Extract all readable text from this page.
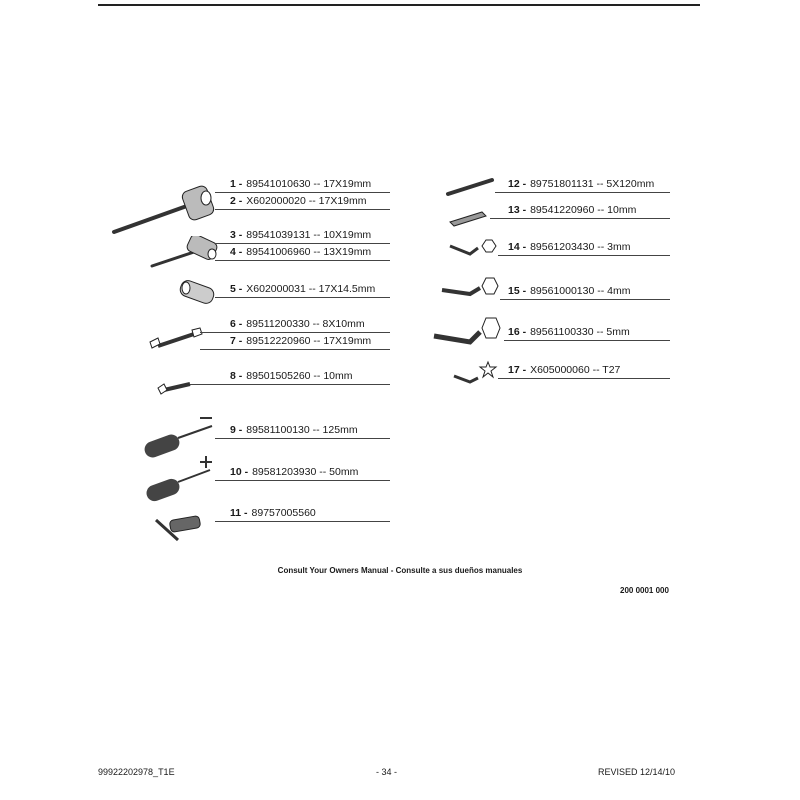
1 - 89541010630 -- 17X19mm
2 - X602000020 -- 17X19mm
3 - 89541039131 -- 10X19mm
4 - 89541006960 -- 13X19mm
5 - X602000031 -- 17X14.5mm
6 - 89511200330 -- 8X10mm
7 - 89512220960 -- 17X19mm
8 - 89501505260 -- 10mm
9 - 89581100130 -- 125mm
10 - 89581203930 -- 50mm
11 - 89757005560
12 - 89751801131 -- 5X120mm
13 - 89541220960 -- 10mm
14 - 89561203430 -- 3mm
15 - 89561000130 -- 4mm
16 - 89561100330 -- 5mm
17 - X605000060 -- T27
Consult Your Owners Manual - Consulte a sus dueños manuales
200 0001 000
99922202978_T1E	- 34 -	REVISED 12/14/10
